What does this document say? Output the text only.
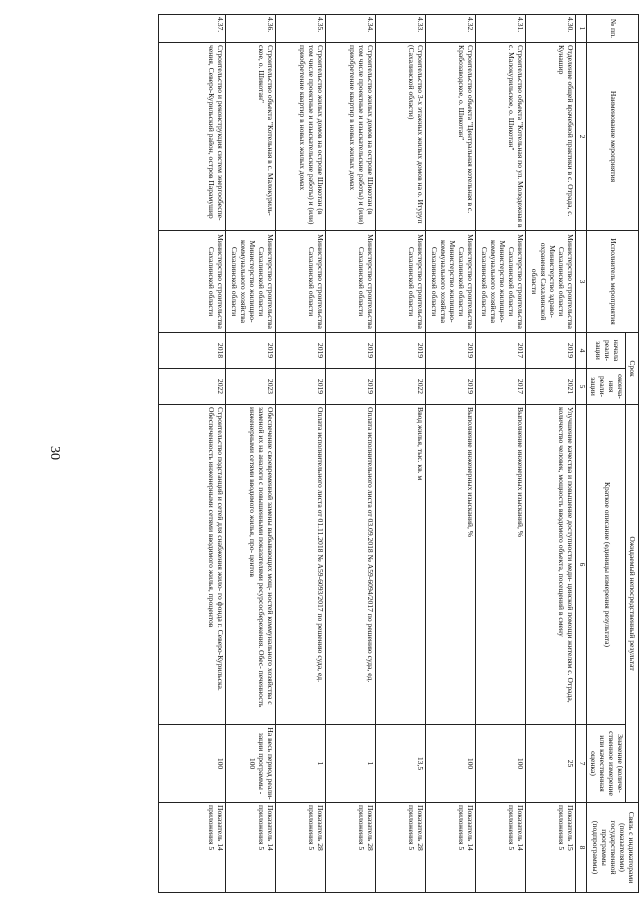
30
№ пп.	Наименование мероприятия	Исполнитель мероприятия	Срок		Ожидаемый непосредственный результат		Связь с индикаторами (показателями) государственной программы (подпрограммы)
			начала реали- зации	оконча- ния реали- зации	Краткое описание (единицы измерения результата)	Значение (количе- ственное измерение или качественная оценка)	

1	2	3	4	5	6	7	8
4.30.	Отделение общей врачебной практики в с. Отрада, с. Кунашир	Министерство строительства Сахалинской области Министерство здраво- охранения Сахалинской области	2019	2021	Улучшение качества и повышение доступности меди- цинской помощи жителям с. Отрада, количество человек, мощность вводимого объекта, посещений в смену	25	Показатель 15 приложения 5
4.31.	Строительство объекта "Котельная по ул. Молодежная в с. Малокурильское, о. Шикотан"	Министерство строительства Сахалинской области Министерство жилищно- коммунального хозяйства Сахалинской области	2017	2017	Выполнение инженерных изысканий, %	100	Показатель 14 приложения 5
4.32.	Строительство объекта "Центральная котельная в с. Крабозаводское, о. Шикотан"	Министерство строительства Сахалинской области Министерство жилищно- коммунального хозяйства Сахалинской области	2019	2019	Выполнение инженерных изысканий, %	100	Показатель 14 приложения 5
4.33.	Строительство 3-х этажных жилых домов на о. Итуруп (Сахалинской области)	Министерство строительства Сахалинской области	2019	2022	Ввод жилья, тыс. кв. м	13,5	Показатель 28 приложения 5
4.34.	Строительство жилых домов на острове Шикотан (в том числе проектные и изыскательские работы) и (или) приобретение квартир в новых жилых домах	Министерство строительства Сахалинской области	2019	2019	Оплата исполнительного листа от 03.09.2018 № А59-6094/2017 по решению суда, ед.	1	Показатель 28 приложения 5
4.35.	Строительство жилых домов на острове Шикотан (в том числе проектные и изыскательские работы) и (или) приобретение квартир в новых жилых домах	Министерство строительства Сахалинской области	2019	2019	Оплата исполнительного листа от 01.11.2018 № А59-6093/2017 по решению суда, ед.	1	Показатель 28 приложения 5
4.36.	Строительство объекта "Котельная в с. Малокуриль- ское, о. Шикотан"	Министерство строительства Сахалинской области Министерство жилищно- коммунального хозяйства Сахалинской области	2019	2023	Обеспечение своевременной замены выбывающих мощ- ностей коммунального хозяйства с заменой их на аналоги с повышенными показателями ресурсосбережения. Обес- печенность инженерными сетями вводимого жилья, про- центов	На весь период реали- зации программы - 100	Показатель 14 приложения 5
4.37.	Строительство и реконструкция систем энергообеспе- чения, Северо-Курильский район, остров Парамушир	Министерство строительства Сахалинской области	2018	2022	Строительство подстанций и сетей для снабжения жило- го фонда г. Северо-Курильска. Обеспеченность инженерными сетями вводимого жилья, процентов	100	Показатель 14 приложения 5
